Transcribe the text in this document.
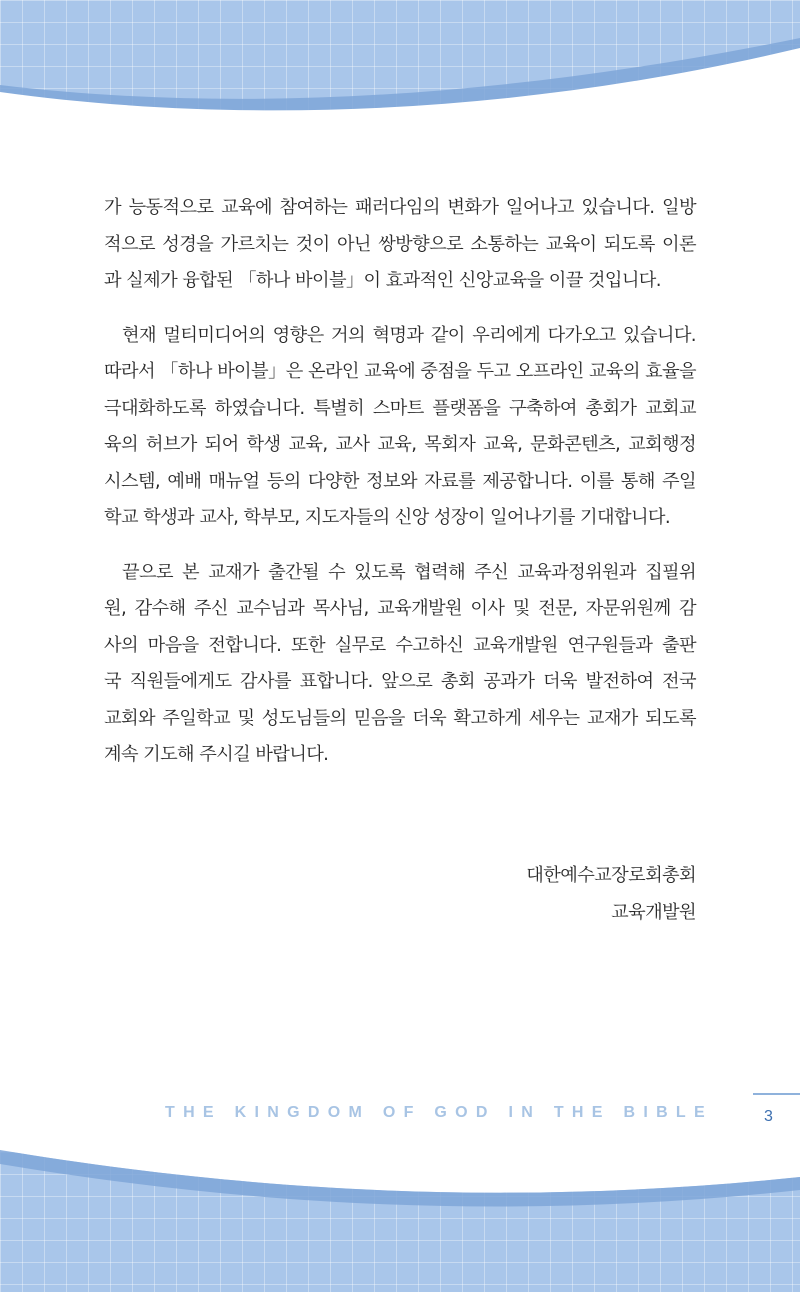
가 능동적으로 교육에 참여하는 패러다임의 변화가 일어나고 있습니다. 일방
적으로 성경을 가르치는 것이 아닌 쌍방향으로 소통하는 교육이 되도록 이론
과 실제가 융합된 「하나 바이블」이 효과적인 신앙교육을 이끌 것입니다.

현재 멀티미디어의 영향은 거의 혁명과 같이 우리에게 다가오고 있습니다.
따라서 「하나 바이블」은 온라인 교육에 중점을 두고 오프라인 교육의 효율을
극대화하도록 하였습니다. 특별히 스마트 플랫폼을 구축하여 총회가 교회교
육의 허브가 되어 학생 교육, 교사 교육, 목회자 교육, 문화콘텐츠, 교회행정
시스템, 예배 매뉴얼 등의 다양한 정보와 자료를 제공합니다. 이를 통해 주일
학교 학생과 교사, 학부모, 지도자들의 신앙 성장이 일어나기를 기대합니다.

끝으로 본 교재가 출간될 수 있도록 협력해 주신 교육과정위원과 집필위
원, 감수해 주신 교수님과 목사님, 교육개발원 이사 및 전문, 자문위원께 감
사의 마음을 전합니다. 또한 실무로 수고하신 교육개발원 연구원들과 출판
국 직원들에게도 감사를 표합니다. 앞으로 총회 공과가 더욱 발전하여 전국
교회와 주일학교 및 성도님들의 믿음을 더욱 확고하게 세우는 교재가 되도록
계속 기도해 주시길 바랍니다.

대한예수교장로회총회
교육개발원
THE KINGDOM OF GOD IN THE BIBLE	3
